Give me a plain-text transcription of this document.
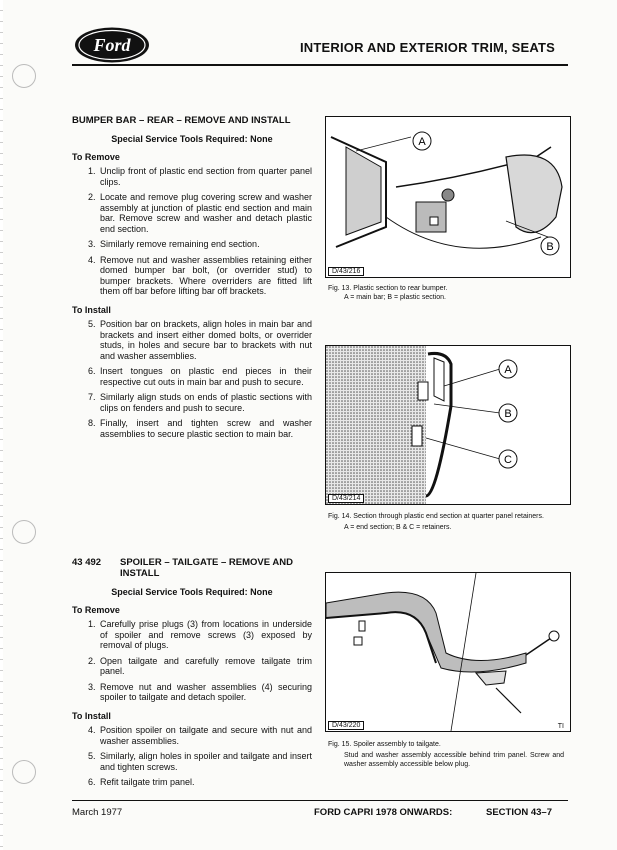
Ford	INTERIOR AND EXTERIOR TRIM, SEATS
BUMPER BAR – REAR – REMOVE AND INSTALL
Special Service Tools Required: None
To Remove
1. Unclip front of plastic end section from quarter panel clips.
2. Locate and remove plug covering screw and washer assembly at junction of plastic end section and main bar. Remove screw and washer and detach plastic end section.
3. Similarly remove remaining end section.
4. Remove nut and washer assemblies retaining either domed bumper bar bolt, (or overrider stud) to bumper brackets. Where overriders are fitted lift them off bar before lifting bar off brackets.
To Install
5. Position bar on brackets, align holes in main bar and brackets and insert either domed bolts, or overrider studs, in holes and secure bar to brackets with nut and washer assemblies.
6. Insert tongues on plastic end pieces in their respective cut outs in main bar and push to secure.
7. Similarly align studs on ends of plastic sections with clips on fenders and push to secure.
8. Finally, insert and tighten screw and washer assemblies to secure plastic section to main bar.
43 492	SPOILER – TAILGATE – REMOVE AND INSTALL
Special Service Tools Required: None
To Remove
1. Carefully prise plugs (3) from locations in underside of spoiler and remove screws (3) exposed by removal of plugs.
2. Open tailgate and carefully remove tailgate trim panel.
3. Remove nut and washer assemblies (4) securing spoiler to tailgate and detach spoiler.
To Install
4. Position spoiler on tailgate and secure with nut and washer assemblies.
5. Similarly, align holes in spoiler and tailgate and insert and tighten screws.
6. Refit tailgate trim panel.
A
B
D/43/216
Fig. 13. Plastic section to rear bumper.
A = main bar; B = plastic section.
A
B
C
D/43/214
Fig. 14. Section through plastic end section at quarter panel retainers.
A = end section; B & C = retainers.
D/43/220	TI
Fig. 15. Spoiler assembly to tailgate.
Stud and washer assembly accessible behind trim panel. Screw and washer assembly accessible below plug.
March 1977	FORD CAPRI 1978 ONWARDS:	SECTION 43–7
